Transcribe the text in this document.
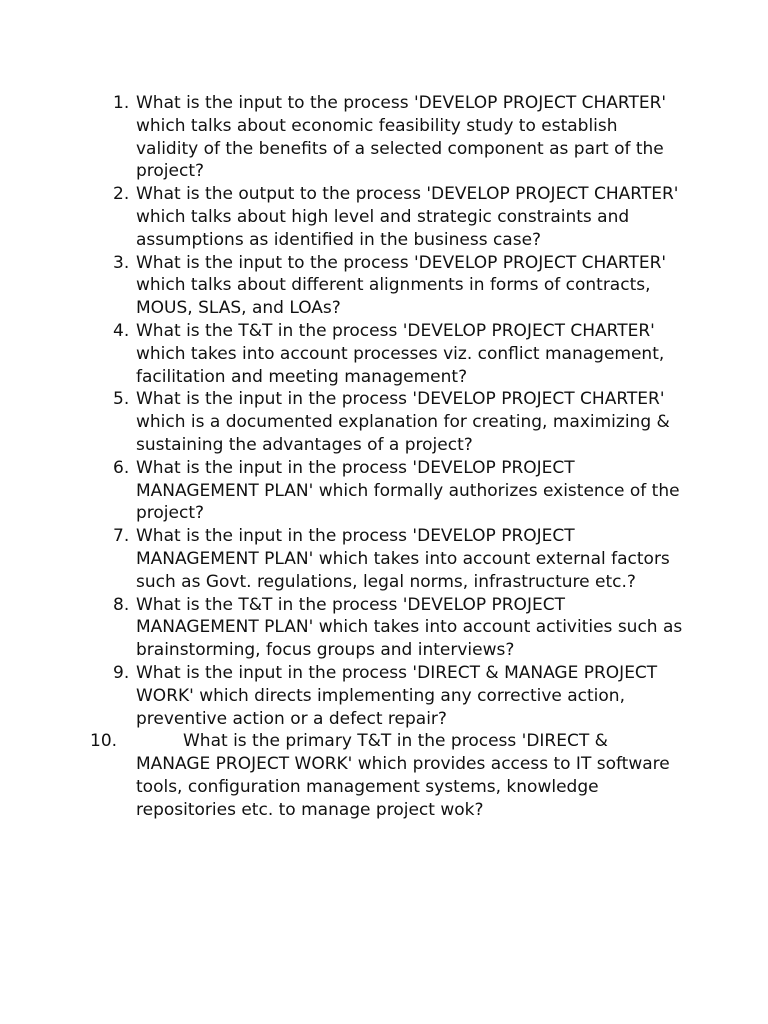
1. What is the input to the process 'DEVELOP PROJECT CHARTER' which talks about economic feasibility study to establish validity of the benefits of a selected component as part of the project?
2. What is the output to the process 'DEVELOP PROJECT CHARTER' which talks about high level and strategic constraints and assumptions as identified in the business case?
3. What is the input to the process 'DEVELOP PROJECT CHARTER' which talks about different alignments in forms of contracts, MOUS, SLAS, and LOAs?
4. What is the T&T in the process 'DEVELOP PROJECT CHARTER' which takes into account processes viz. conflict management, facilitation and meeting management?
5. What is the input in the process 'DEVELOP PROJECT CHARTER' which is a documented explanation for creating, maximizing & sustaining the advantages of a project?
6. What is the input in the process 'DEVELOP PROJECT MANAGEMENT PLAN' which formally authorizes existence of the project?
7. What is the input in the process 'DEVELOP PROJECT MANAGEMENT PLAN' which takes into account external factors such as Govt. regulations, legal norms, infrastructure etc.?
8. What is the T&T in the process 'DEVELOP PROJECT MANAGEMENT PLAN' which takes into account activities such as brainstorming, focus groups and interviews?
9. What is the input in the process 'DIRECT & MANAGE PROJECT WORK' which directs implementing any corrective action, preventive action or a defect repair?
10.	What is the primary T&T in the process 'DIRECT & MANAGE PROJECT WORK' which provides access to IT software tools, configuration management systems, knowledge repositories etc. to manage project wok?
